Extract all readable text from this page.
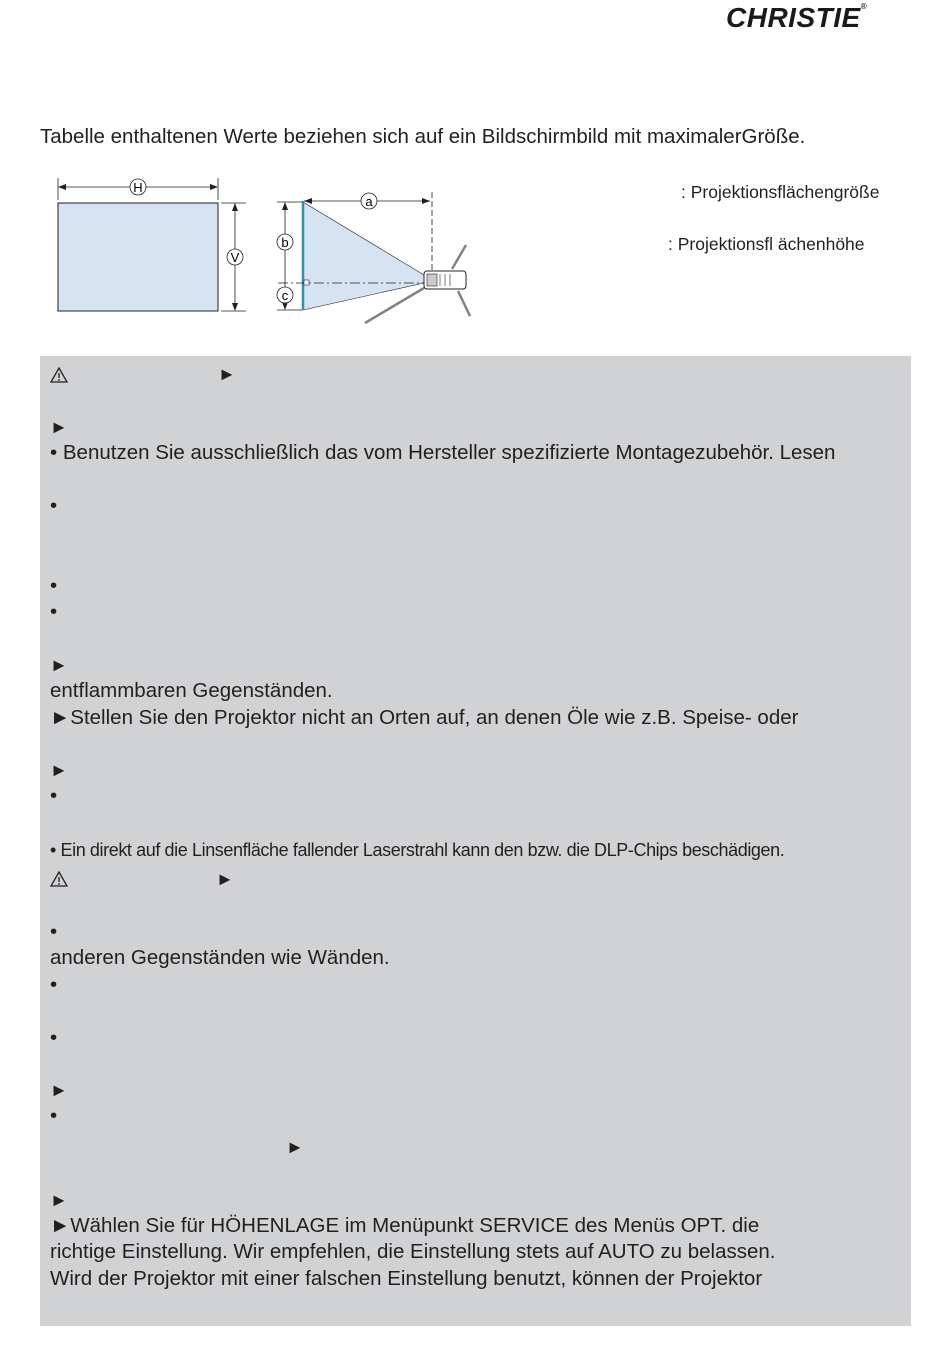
CHRISTIE®
Tabelle enthaltenen Werte beziehen sich auf ein Bildschirmbild mit maximalerGröße.
H
V
a
b
c
: Projektionsflächengröße
: Projektionsfl ächenhöhe
►
►
• Benutzen Sie ausschließlich das vom Hersteller spezifizierte Montagezubehör. Lesen
•
•
•
►
entflammbaren Gegenständen.
►Stellen Sie den Projektor nicht an Orten auf, an denen Öle wie z.B. Speise- oder
►
•
• Ein direkt auf die Linsenfläche fallender Laserstrahl kann den bzw. die DLP-Chips beschädigen.
►
•
anderen Gegenständen wie Wänden.
•
•
►
•
►
►
►Wählen Sie für HÖHENLAGE im Menüpunkt SERVICE des Menüs OPT. die
richtige Einstellung. Wir empfehlen, die Einstellung stets auf AUTO zu belassen.
Wird der Projektor mit einer falschen Einstellung benutzt, können der Projektor
